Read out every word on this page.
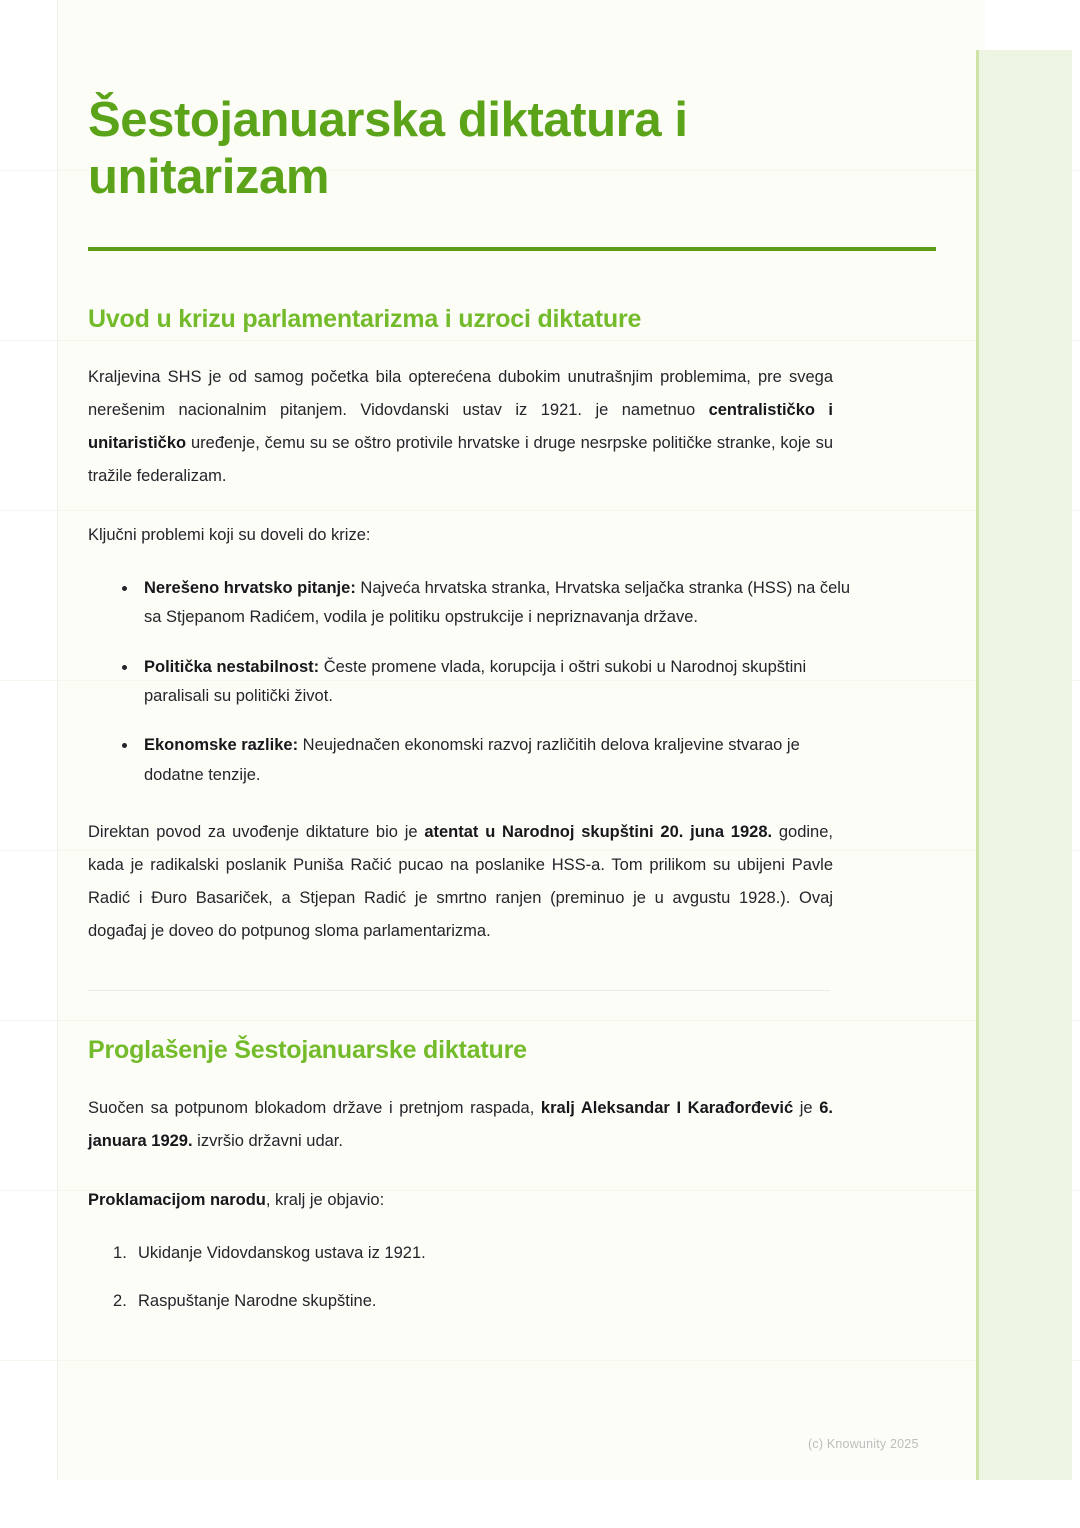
Šestojanuarska diktatura i unitarizam
Uvod u krizu parlamentarizma i uzroci diktature

Kraljevina SHS je od samog početka bila opterećena dubokim unutrašnjim problemima, pre svega nerešenim nacionalnim pitanjem. Vidovdanski ustav iz 1921. je nametnuo centralističko i unitarističko uređenje, čemu su se oštro protivile hrvatske i druge nesrpske političke stranke, koje su tražile federalizam.

Ključni problemi koji su doveli do krize:

Nerešeno hrvatsko pitanje: Najveća hrvatska stranka, Hrvatska seljačka stranka (HSS) na čelu sa Stjepanom Radićem, vodila je politiku opstrukcije i nepriznavanja države.
Politička nestabilnost: Česte promene vlada, korupcija i oštri sukobi u Narodnoj skupštini paralisali su politički život.
Ekonomske razlike: Neujednačen ekonomski razvoj različitih delova kraljevine stvarao je dodatne tenzije.

Direktan povod za uvođenje diktature bio je atentat u Narodnoj skupštini 20. juna 1928. godine, kada je radikalski poslanik Puniša Račić pucao na poslanike HSS-a. Tom prilikom su ubijeni Pavle Radić i Đuro Basariček, a Stjepan Radić je smrtno ranjen (preminuo je u avgustu 1928.). Ovaj događaj je doveo do potpunog sloma parlamentarizma.

Proglašenje Šestojanuarske diktature

Suočen sa potpunom blokadom države i pretnjom raspada, kralj Aleksandar I Karađorđević je 6. januara 1929. izvršio državni udar.

Proklamacijom narodu, kralj je objavio:

Ukidanje Vidovdanskog ustava iz 1921.
Raspuštanje Narodne skupštine.
(c) Knowunity 2025
